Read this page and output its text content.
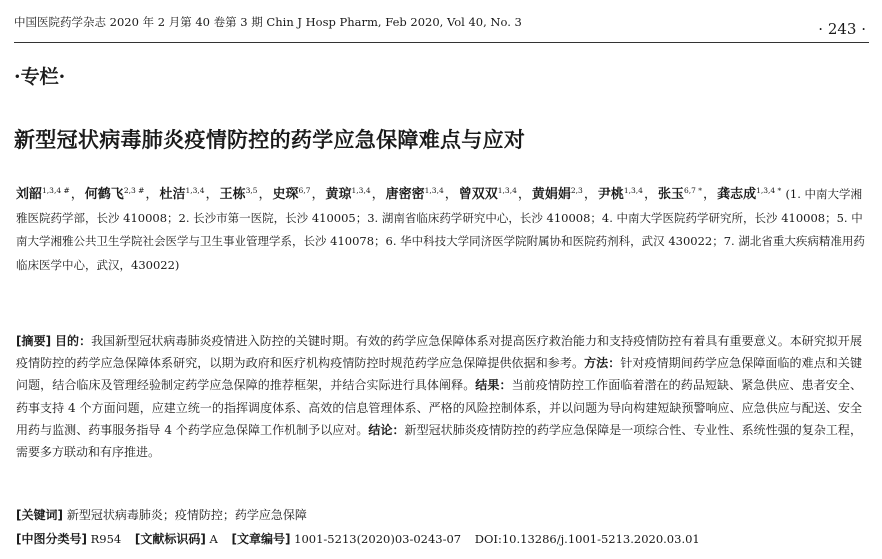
中国医院药学杂志 2020 年 2 月第 40 卷第 3 期 Chin J Hosp Pharm, Feb 2020, Vol 40, No. 3	· 243 ·
·专栏·
新型冠状病毒肺炎疫情防控的药学应急保障难点与应对
刘韶$^{1,3,4 \#}$，何鹤飞$^{2,3 \#}$，杜洁$^{1,3,4}$，王栋$^{3,5}$，史琛$^{6,7}$，黄琼$^{1,3,4}$，唐密密$^{1,3,4}$，曾双双$^{1,3,4}$，黄娟娟$^{2,3}$，尹桃$^{1,3,4}$，张玉$^{6,7 *}$，龚志成$^{1,3,4 *}$ (1. 中南大学湘雅医院药学部，长沙 410008；2. 长沙市第一医院，长沙 410005；3. 湖南省临床药学研究中心，长沙 410008；4. 中南大学医院药学研究所，长沙 410008；5. 中南大学湘雅公共卫生学院社会医学与卫生事业管理学系，长沙 410078；6. 华中科技大学同济医学院附属协和医院药剂科，武汉 430022；7. 湖北省重大疾病精准用药临床医学中心，武汉，430022)
[摘要] 目的：我国新型冠状病毒肺炎疫情进入防控的关键时期。有效的药学应急保障体系对提高医疗救治能力和支持疫情防控有着具有重要意义。本研究拟开展疫情防控的药学应急保障体系研究，以期为政府和医疗机构疫情防控时规范药学应急保障提供依据和参考。方法：针对疫情期间药学应急保障面临的难点和关键问题，结合临床及管理经验制定药学应急保障的推荐框架，并结合实际进行具体阐释。结果：当前疫情防控工作面临着潜在的药品短缺、紧急供应、患者安全、药事支持 4 个方面问题，应建立统一的指挥调度体系、高效的信息管理体系、严格的风险控制体系，并以问题为导向构建短缺预警响应、应急供应与配送、安全用药与监测、药事服务指导 4 个药学应急保障工作机制予以应对。结论：新型冠状肺炎疫情防控的药学应急保障是一项综合性、专业性、系统性强的复杂工程，需要多方联动和有序推进。
[关键词] 新型冠状病毒肺炎；疫情防控；药学应急保障
[中图分类号] R954 [文献标识码] A [文章编号] 1001-5213(2020)03-0243-07 DOI:10.13286/j.1001-5213.2020.03.01
